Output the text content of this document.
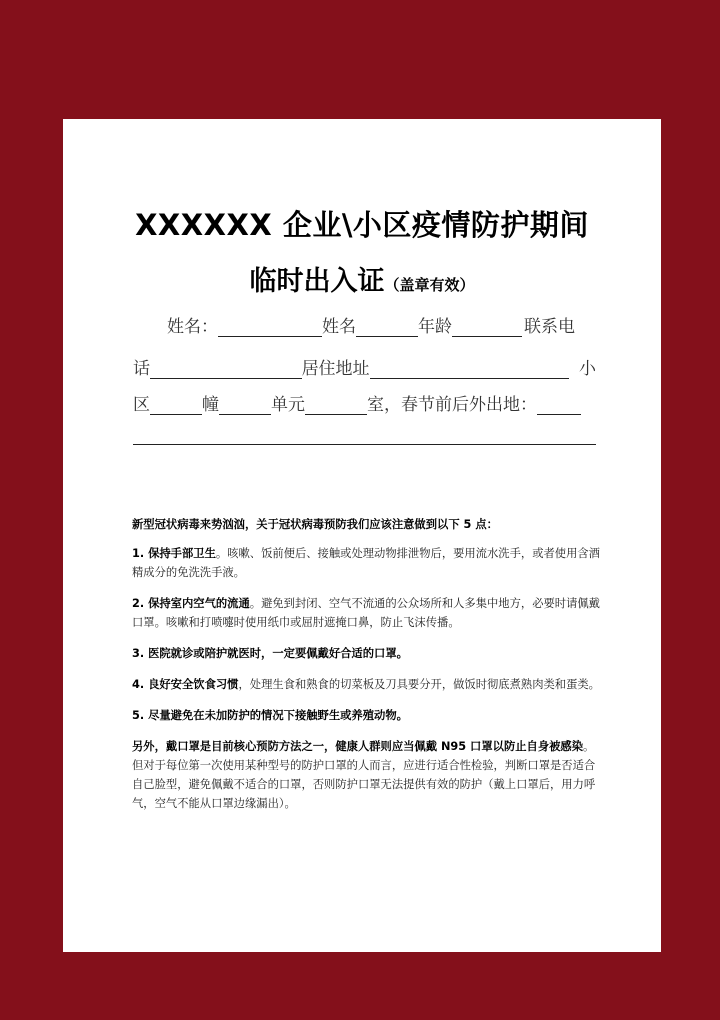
XXXXXX 企业\小区疫情防护期间
临时出入证（盖章有效）
姓名：	姓名	年龄	联系电
话	居住地址	小
区	幢	单元	室，春节前后外出地：

新型冠状病毒来势汹汹，关于冠状病毒预防我们应该注意做到以下 5 点：

1. 保持手部卫生。咳嗽、饭前便后、接触或处理动物排泄物后，要用流水洗手，或者使用含酒精成分的免洗洗手液。

2. 保持室内空气的流通。避免到封闭、空气不流通的公众场所和人多集中地方，必要时请佩戴口罩。咳嗽和打喷嚏时使用纸巾或屈肘遮掩口鼻，防止飞沫传播。

3. 医院就诊或陪护就医时，一定要佩戴好合适的口罩。

4. 良好安全饮食习惯，处理生食和熟食的切菜板及刀具要分开，做饭时彻底煮熟肉类和蛋类。

5. 尽量避免在未加防护的情况下接触野生或养殖动物。

另外，戴口罩是目前核心预防方法之一，健康人群则应当佩戴 N95 口罩以防止自身被感染。但对于每位第一次使用某种型号的防护口罩的人而言，应进行适合性检验，判断口罩是否适合自己脸型，避免佩戴不适合的口罩，否则防护口罩无法提供有效的防护（戴上口罩后，用力呼气，空气不能从口罩边缘漏出）。
